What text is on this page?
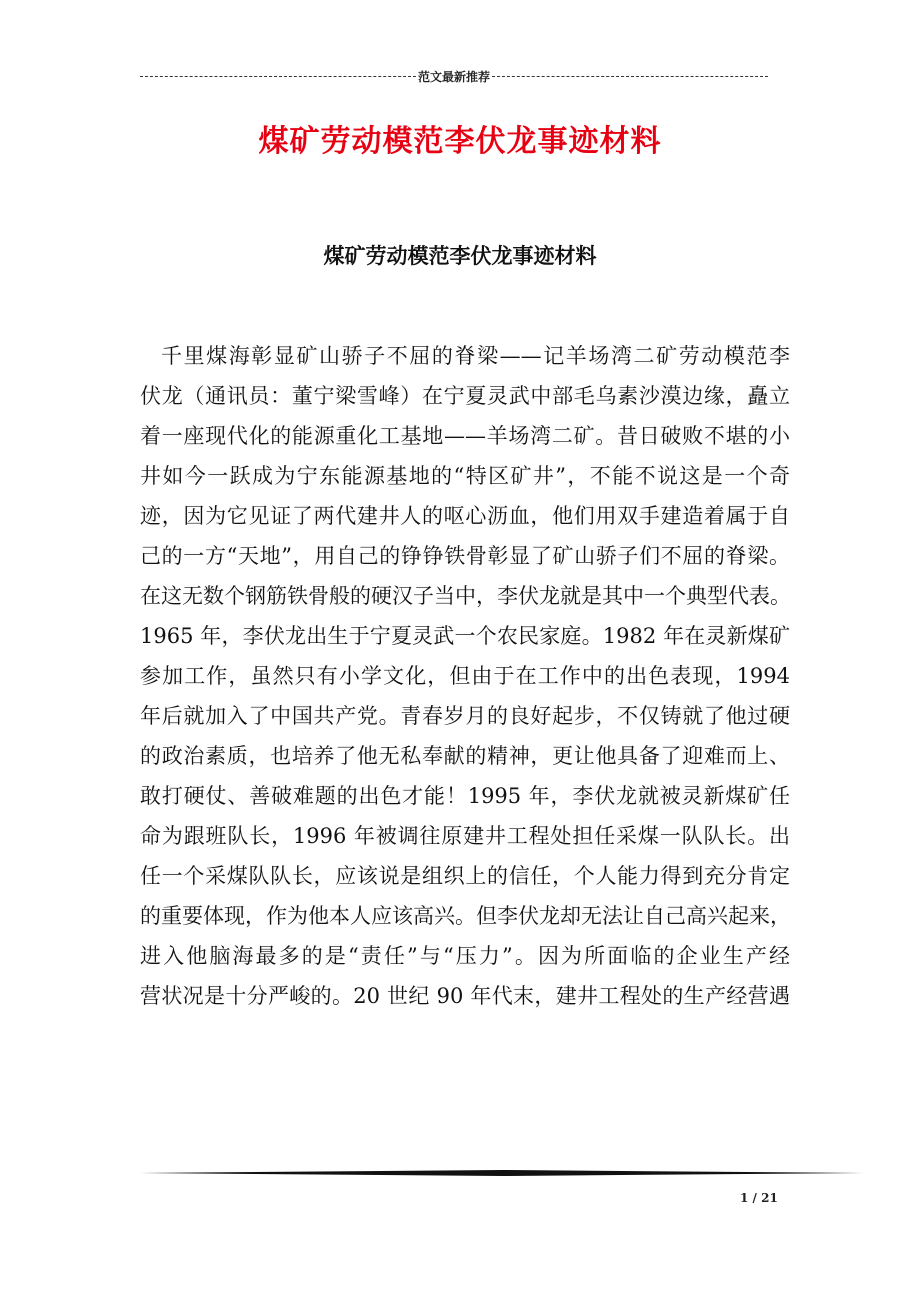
范文最新推荐
煤矿劳动模范李伏龙事迹材料
煤矿劳动模范李伏龙事迹材料
千里煤海彰显矿山骄子不屈的脊梁——记羊场湾二矿劳动模范李
伏龙（通讯员：董宁梁雪峰）在宁夏灵武中部毛乌素沙漠边缘，矗立
着一座现代化的能源重化工基地——羊场湾二矿。昔日破败不堪的小
井如今一跃成为宁东能源基地的“特区矿井”，不能不说这是一个奇
迹，因为它见证了两代建井人的呕心沥血，他们用双手建造着属于自
己的一方“天地”，用自己的铮铮铁骨彰显了矿山骄子们不屈的脊梁。
在这无数个钢筋铁骨般的硬汉子当中，李伏龙就是其中一个典型代表。
1965 年，李伏龙出生于宁夏灵武一个农民家庭。1982 年在灵新煤矿
参加工作，虽然只有小学文化，但由于在工作中的出色表现，1994
年后就加入了中国共产党。青春岁月的良好起步，不仅铸就了他过硬
的政治素质，也培养了他无私奉献的精神，更让他具备了迎难而上、
敢打硬仗、善破难题的出色才能！1995 年，李伏龙就被灵新煤矿任
命为跟班队长，1996 年被调往原建井工程处担任采煤一队队长。出
任一个采煤队队长，应该说是组织上的信任，个人能力得到充分肯定
的重要体现，作为他本人应该高兴。但李伏龙却无法让自己高兴起来，
进入他脑海最多的是“责任”与“压力”。因为所面临的企业生产经
营状况是十分严峻的。20 世纪 90 年代末，建井工程处的生产经营遇
1 / 21
